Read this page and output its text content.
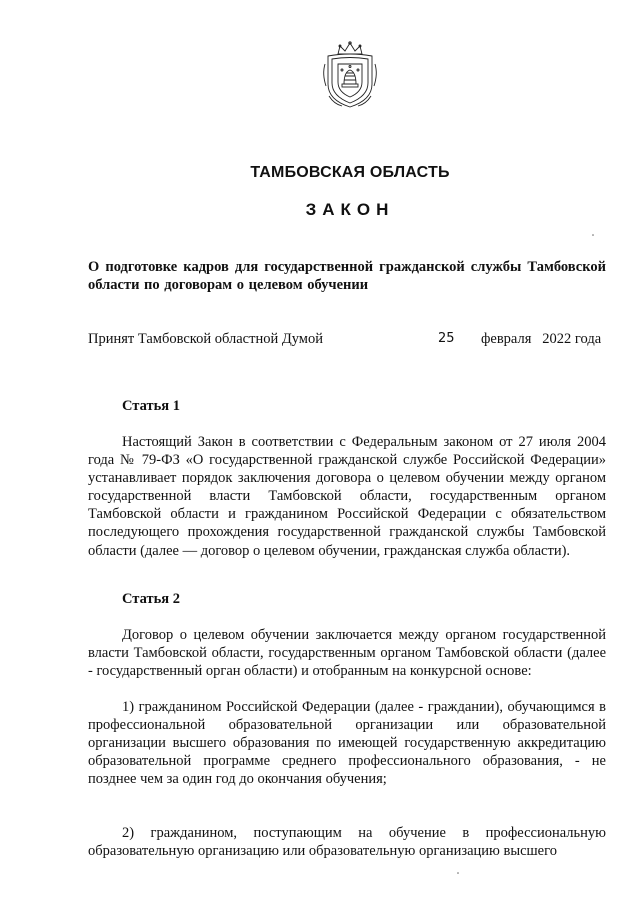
ТАМБОВСКАЯ ОБЛАСТЬ
ЗАКОН
О подготовке кадров для государственной гражданской службы Тамбовской области по договорам о целевом обучении
Принят Тамбовской областной Думой	25 февраля   2022 года
Статья 1

Настоящий Закон в соответствии с Федеральным законом от 27 июля 2004 года № 79-ФЗ «О государственной гражданской службе Российской Федерации» устанавливает порядок заключения договора о целевом обучении между органом государственной власти Тамбовской области, государственным органом Тамбовской области и гражданином Российской Федерации с обязательством последующего прохождения государственной гражданской службы Тамбовской области (далее — договор о целевом обучении, гражданская служба области).

Статья 2

Договор о целевом обучении заключается между органом государственной власти Тамбовской области, государственным органом Тамбовской области (далее - государственный орган области) и отобранным на конкурсной основе:

1) гражданином Российской Федерации (далее - граждании), обучающимся в профессиональной образовательной организации или образовательной организации высшего образования по имеющей государственную аккредитацию образовательной программе среднего профессионального образования, - не позднее чем за один год до окончания обучения;

2) гражданином, поступающим на обучение в профессиональную образовательную организацию или образовательную организацию высшего
